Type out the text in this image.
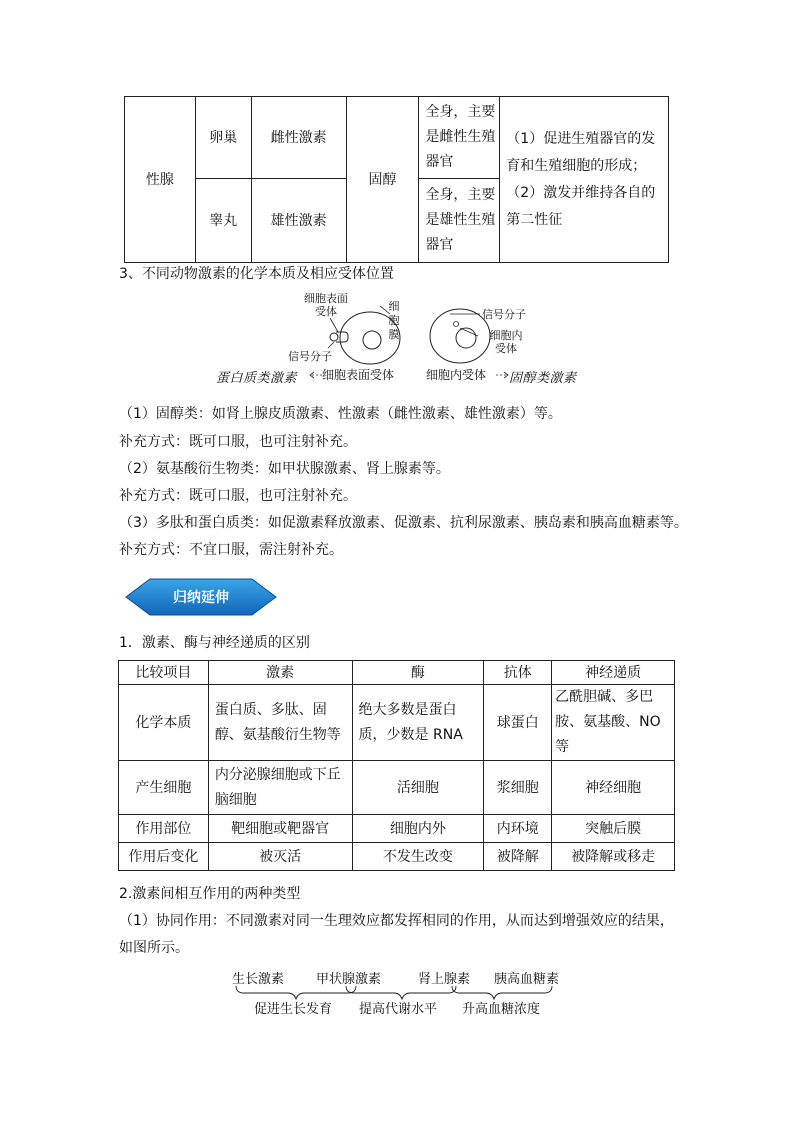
性腺	卵巢	雌性激素	固醇	全身，主要是雌性生殖器官	（1）促进生殖器官的发育和生殖细胞的形成；（2）激发并维持各自的第二性征
	睾丸	雄性激素		全身，主要是雄性生殖器官	
3、不同动物激素的化学本质及相应受体位置
细胞表面受体	细胞膜
信号分子
信号分子
细胞内受体
蛋白质类激素 细胞表面受体	细胞内受体 固醇类激素
（1）固醇类：如肾上腺皮质激素、性激素（雌性激素、雄性激素）等。
补充方式：既可口服，也可注射补充。
（2）氨基酸衍生物类：如甲状腺激素、肾上腺素等。
补充方式：既可口服，也可注射补充。
（3）多肽和蛋白质类：如促激素释放激素、促激素、抗利尿激素、胰岛素和胰高血糖素等。
补充方式：不宜口服，需注射补充。
归纳延伸
1．激素、酶与神经递质的区别
比较项目	激素	酶	抗体	神经递质
化学本质	蛋白质、多肽、固醇、氨基酸衍生物等	绝大多数是蛋白质，少数是 RNA	球蛋白	乙酰胆碱、多巴胺、氨基酸、NO 等
产生细胞	内分泌腺细胞或下丘脑细胞	活细胞	浆细胞	神经细胞
作用部位	靶细胞或靶器官	细胞内外	内环境	突触后膜
作用后变化	被灭活	不发生改变	被降解	被降解或移走
2.激素间相互作用的两种类型
（1）协同作用：不同激素对同一生理效应都发挥相同的作用，从而达到增强效应的结果，
如图所示。
生长激素 甲状腺激素	肾上腺素 胰高血糖素
促进生长发育 提高代谢水平 升高血糖浓度
